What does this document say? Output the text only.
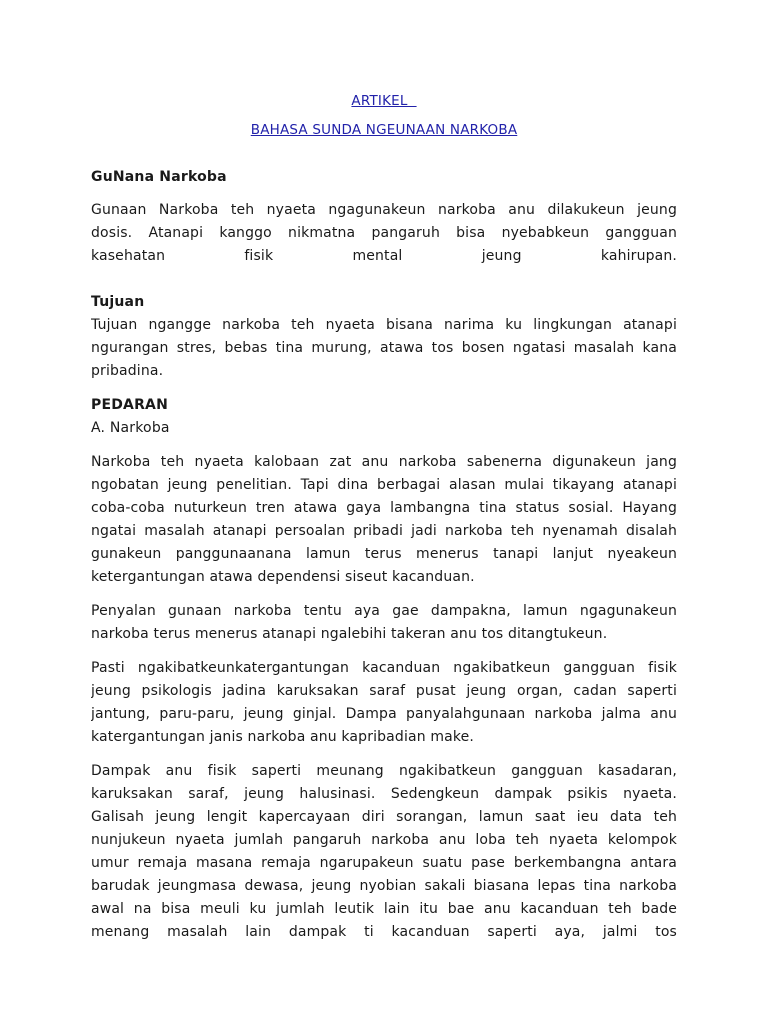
ARTIKEL
BAHASA SUNDA NGEUNAAN NARKOBA
GuNana Narkoba
Gunaan Narkoba teh nyaeta ngagunakeun narkoba anu dilakukeun jeung
dosis. Atanapi kanggo nikmatna pangaruh bisa nyebabkeun gangguan
kasehatan fisik mental jeung kahirupan.
Tujuan
Tujuan ngangge narkoba teh nyaeta bisana narima ku lingkungan atanapi
ngurangan stres, bebas tina murung, atawa tos bosen ngatasi masalah kana
pribadina.
PEDARAN
A. Narkoba
Narkoba teh nyaeta kalobaan zat anu narkoba sabenerna digunakeun jang
ngobatan jeung penelitian. Tapi dina berbagai alasan mulai tikayang atanapi
coba-coba nuturkeun tren atawa gaya lambangna tina status sosial. Hayang
ngatai masalah atanapi persoalan pribadi jadi narkoba teh nyenamah disalah
gunakeun panggunaanana lamun terus menerus tanapi lanjut nyeakeun
ketergantungan atawa dependensi siseut kacanduan.
Penyalan gunaan narkoba tentu aya gae dampakna, lamun ngagunakeun
narkoba terus menerus atanapi ngalebihi takeran anu tos ditangtukeun.
Pasti ngakibatkeunkatergantungan kacanduan ngakibatkeun gangguan fisik
jeung psikologis jadina karuksakan saraf pusat jeung organ, cadan saperti
jantung, paru-paru, jeung ginjal. Dampa panyalahgunaan narkoba jalma anu
katergantungan janis narkoba anu kapribadian make.
Dampak anu fisik saperti meunang ngakibatkeun gangguan kasadaran,
karuksakan saraf, jeung halusinasi. Sedengkeun dampak psikis nyaeta.
Galisah jeung lengit kapercayaan diri sorangan, lamun saat ieu data teh
nunjukeun nyaeta jumlah pangaruh narkoba anu loba teh nyaeta kelompok
umur remaja masana remaja ngarupakeun suatu pase berkembangna antara
barudak jeungmasa dewasa, jeung nyobian sakali biasana lepas tina narkoba
awal na bisa meuli ku jumlah leutik lain itu bae anu kacanduan teh bade
menang masalah lain dampak ti kacanduan saperti aya, jalmi tos
